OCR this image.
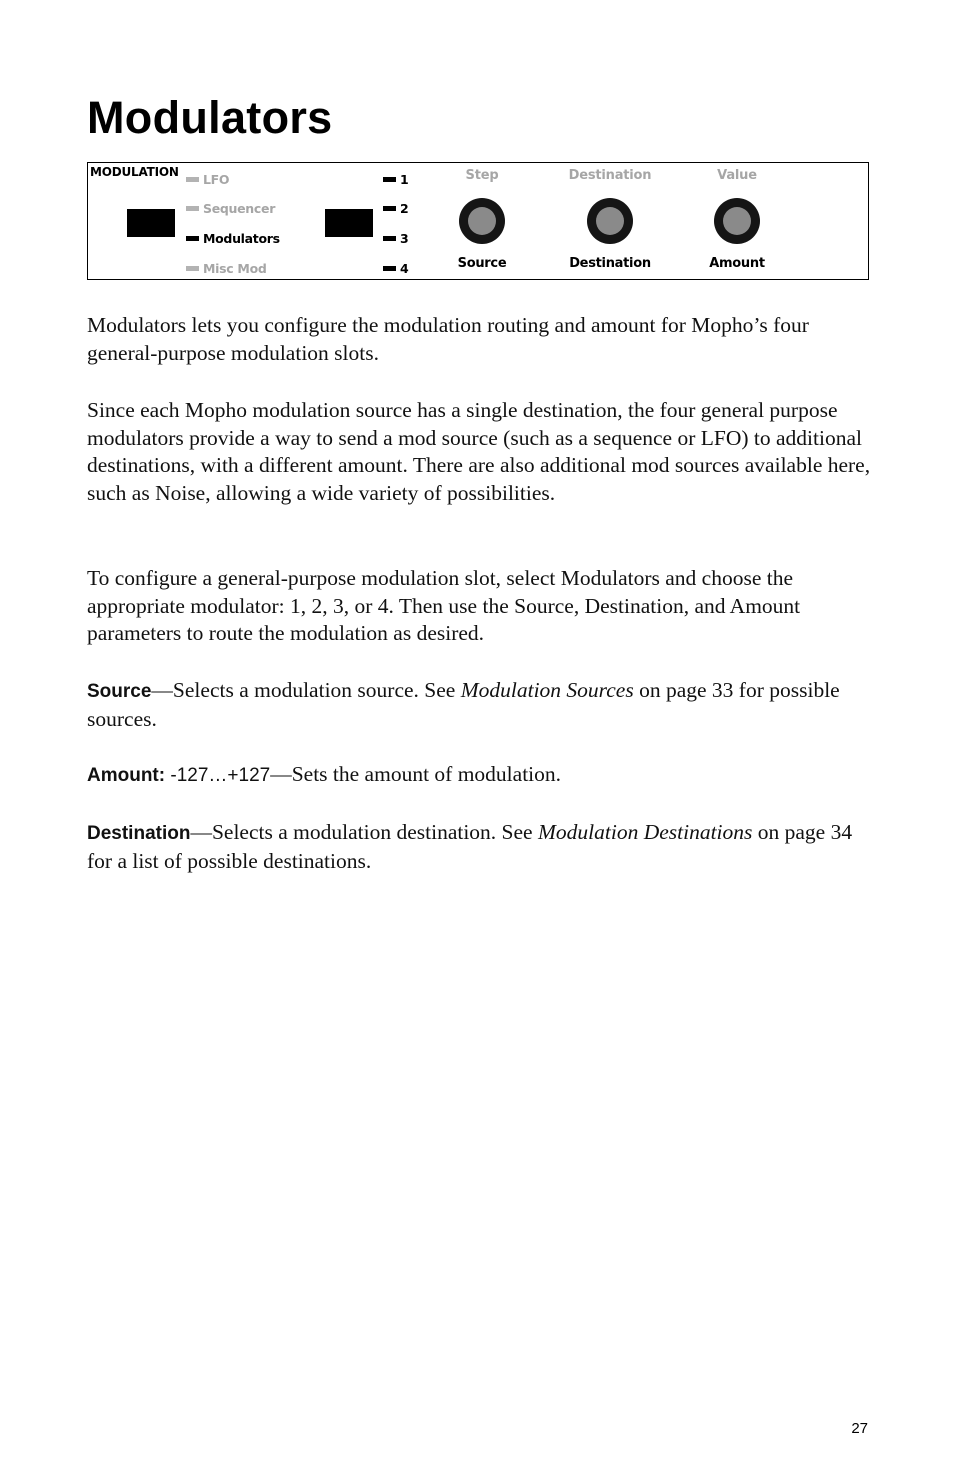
Modulators
MODULATION LFO
Sequencer
Modulators
Misc Mod
1
2
3
4
Step
Source
Destination
Destination
Value
Amount

Modulators lets you configure the modulation routing and amount for Mopho’s four general-purpose modulation slots.

Since each Mopho modulation source has a single destination, the four general purpose modulators provide a way to send a mod source (such as a sequence or LFO) to additional destinations, with a different amount. There are also additional mod sources available here, such as Noise, allowing a wide variety of possibilities.

To configure a general-purpose modulation slot, select Modulators and choose the appropriate modulator: 1, 2, 3, or 4. Then use the Source, Destination, and Amount parameters to route the modulation as desired.

Source—Selects a modulation source. See Modulation Sources on page 33 for possible sources.

Amount: -127…+127—Sets the amount of modulation.

Destination—Selects a modulation destination. See Modulation Destinations on page 34 for a list of possible destinations.

27
